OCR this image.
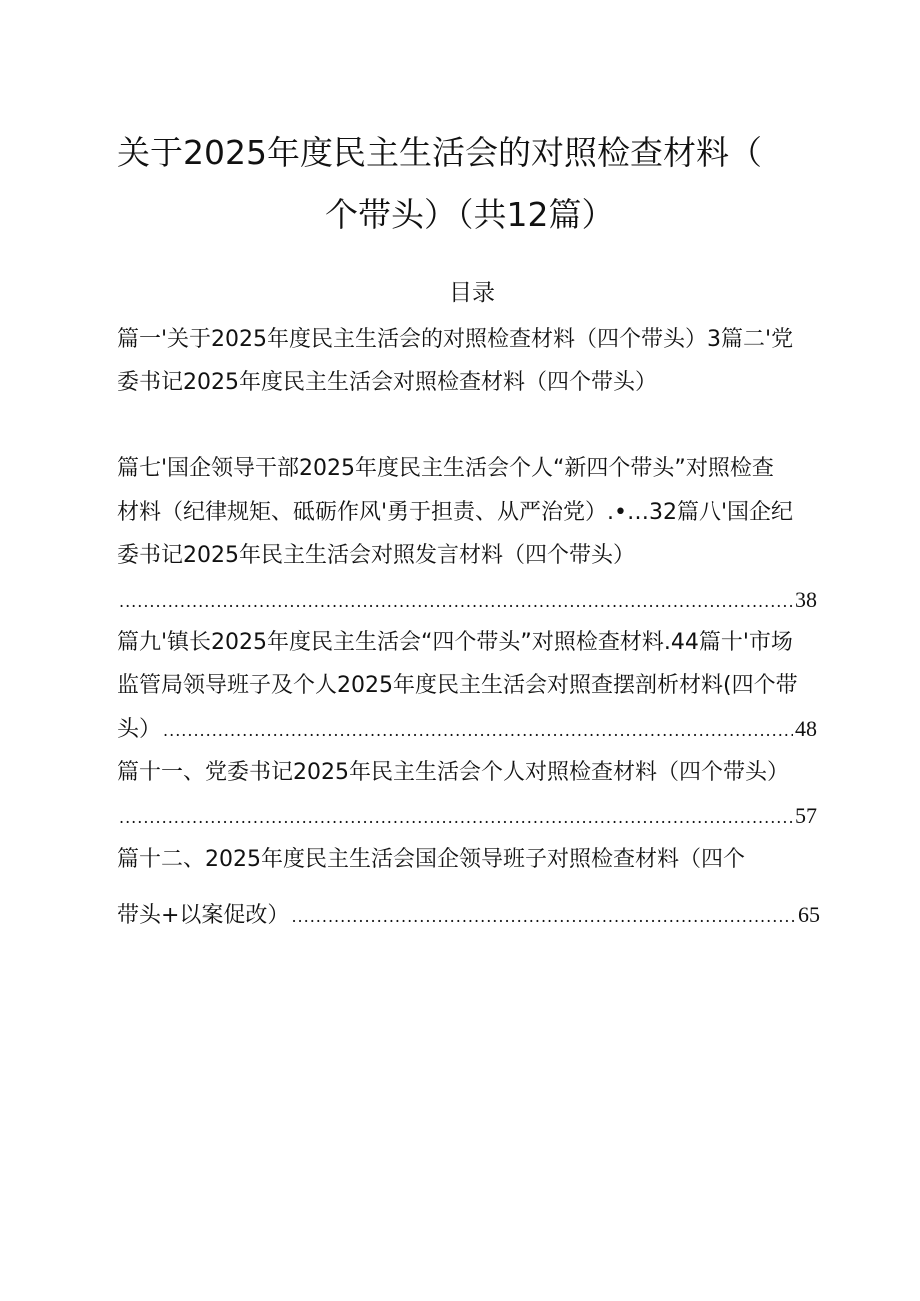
关于2025年度民主生活会的对照检查材料（
个带头）（共12篇）
目录
篇一'关于2025年度民主生活会的对照检查材料（四个带头）3篇二'党
委书记2025年度民主生活会对照检查材料（四个带头）
篇七'国企领导干部2025年度民主生活会个人“新四个带头”对照检查
材料（纪律规矩、砥砺作风'勇于担责、从严治党）.•…32篇八'国企纪
委书记2025年民主生活会对照发言材料（四个带头）
.....
38
篇九'镇长2025年度民主生活会“四个带头”对照检查材料.44篇十'市场
监管局领导班子及个人2025年度民主生活会对照查摆剖析材料(四个带
头） .....	48
篇十一、党委书记2025年民主生活会个人对照检查材料（四个带头）
.....
57
篇十二、2025年度民主生活会国企领导班子对照检查材料（四个
带头+以案促改） .....	65
